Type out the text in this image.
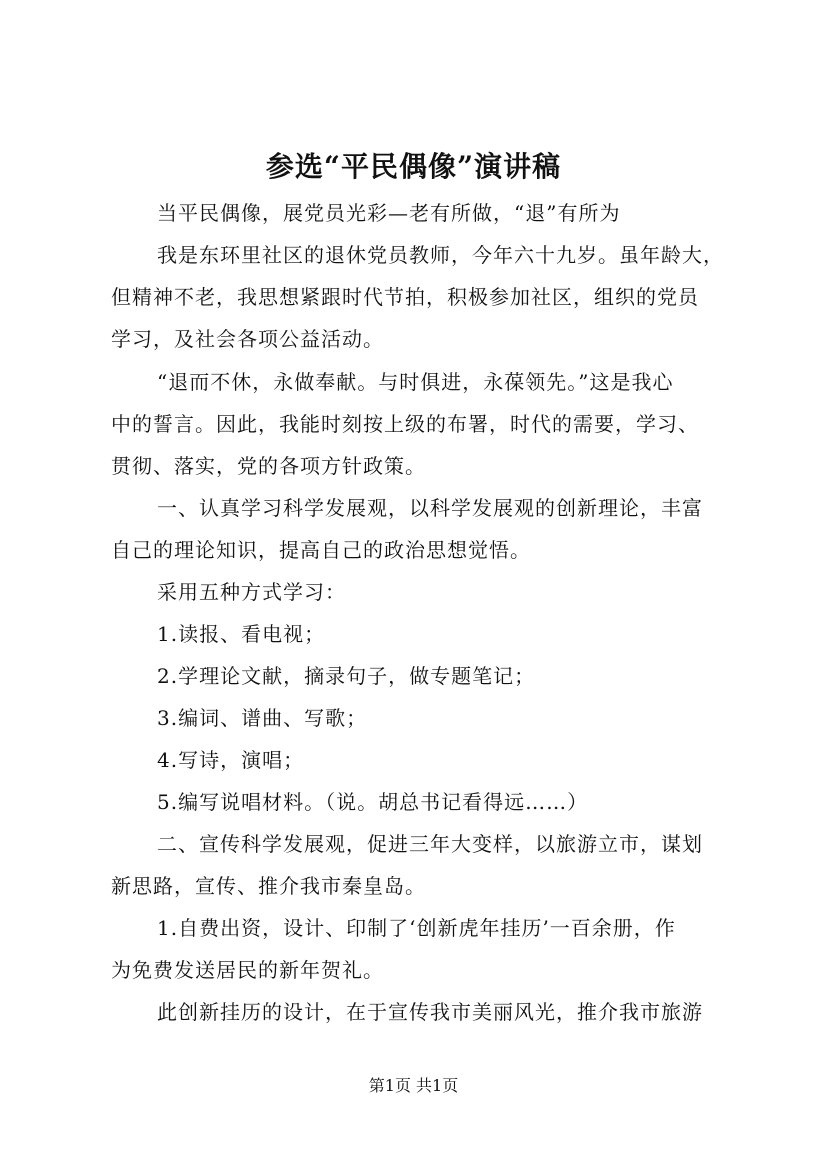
参选“平民偶像”演讲稿
当平民偶像，展党员光彩—老有所做，“退”有所为
我是东环里社区的退休党员教师，今年六十九岁。虽年龄大，
但精神不老，我思想紧跟时代节拍，积极参加社区，组织的党员
学习，及社会各项公益活动。
“退而不休，永做奉献。与时俱进，永葆领先。”这是我心
中的誓言。因此，我能时刻按上级的布署，时代的需要，学习、
贯彻、落实，党的各项方针政策。
一、认真学习科学发展观，以科学发展观的创新理论，丰富
自己的理论知识，提高自己的政治思想觉悟。
采用五种方式学习：
1.读报、看电视；
2.学理论文献，摘录句子，做专题笔记；
3.编词、谱曲、写歌；
4.写诗，演唱；
5.编写说唱材料。（说。胡总书记看得远……）
二、宣传科学发展观，促进三年大变样，以旅游立市，谋划
新思路，宣传、推介我市秦皇岛。
1.自费出资，设计、印制了‘创新虎年挂历’一百余册，作
为免费发送居民的新年贺礼。
此创新挂历的设计，在于宣传我市美丽风光，推介我市旅游
第1页 共1页
